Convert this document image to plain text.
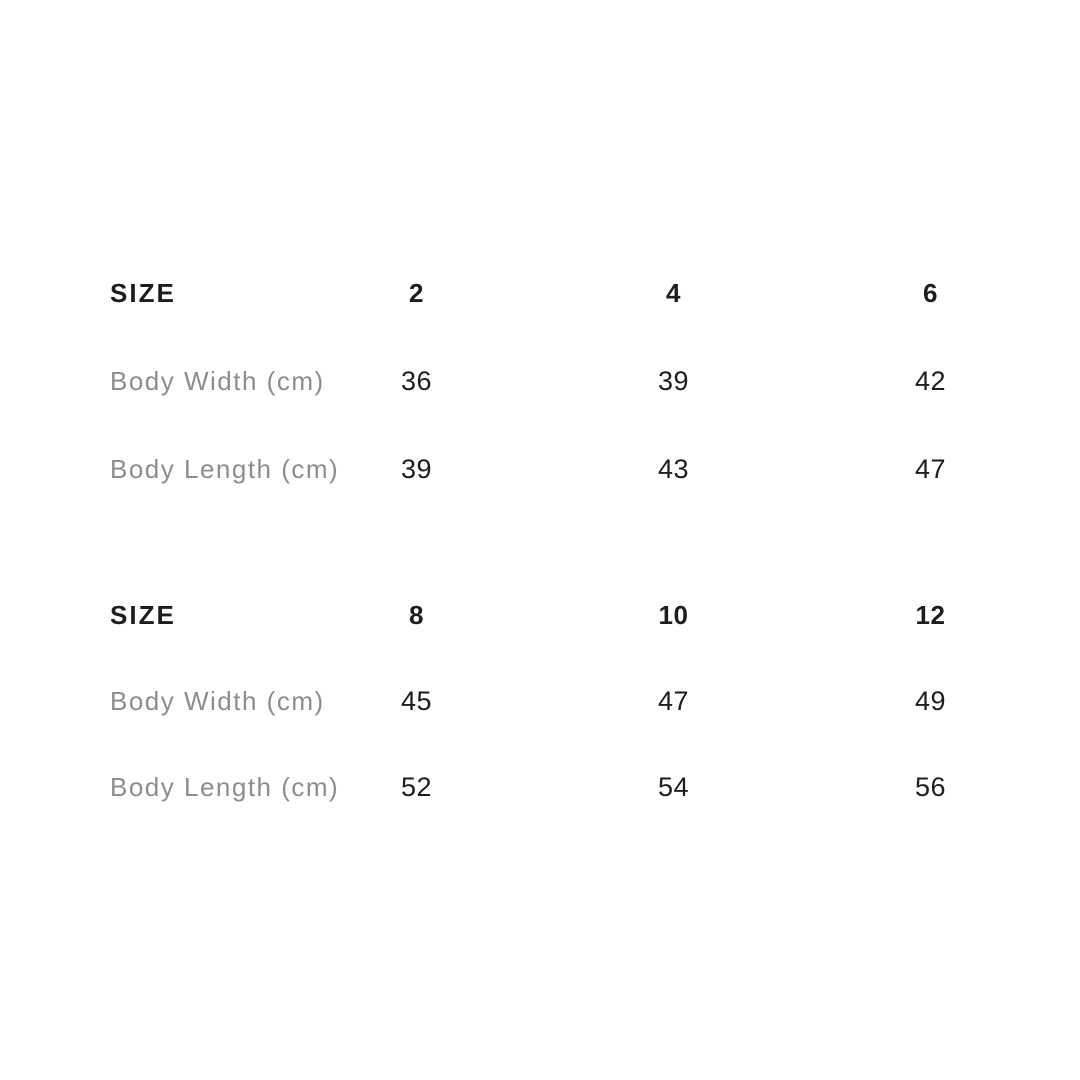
SIZE	2	4	6
Body Width (cm)	36	39	42
Body Length (cm)	39	43	47
SIZE	8	10	12
Body Width (cm)	45	47	49
Body Length (cm)	52	54	56
